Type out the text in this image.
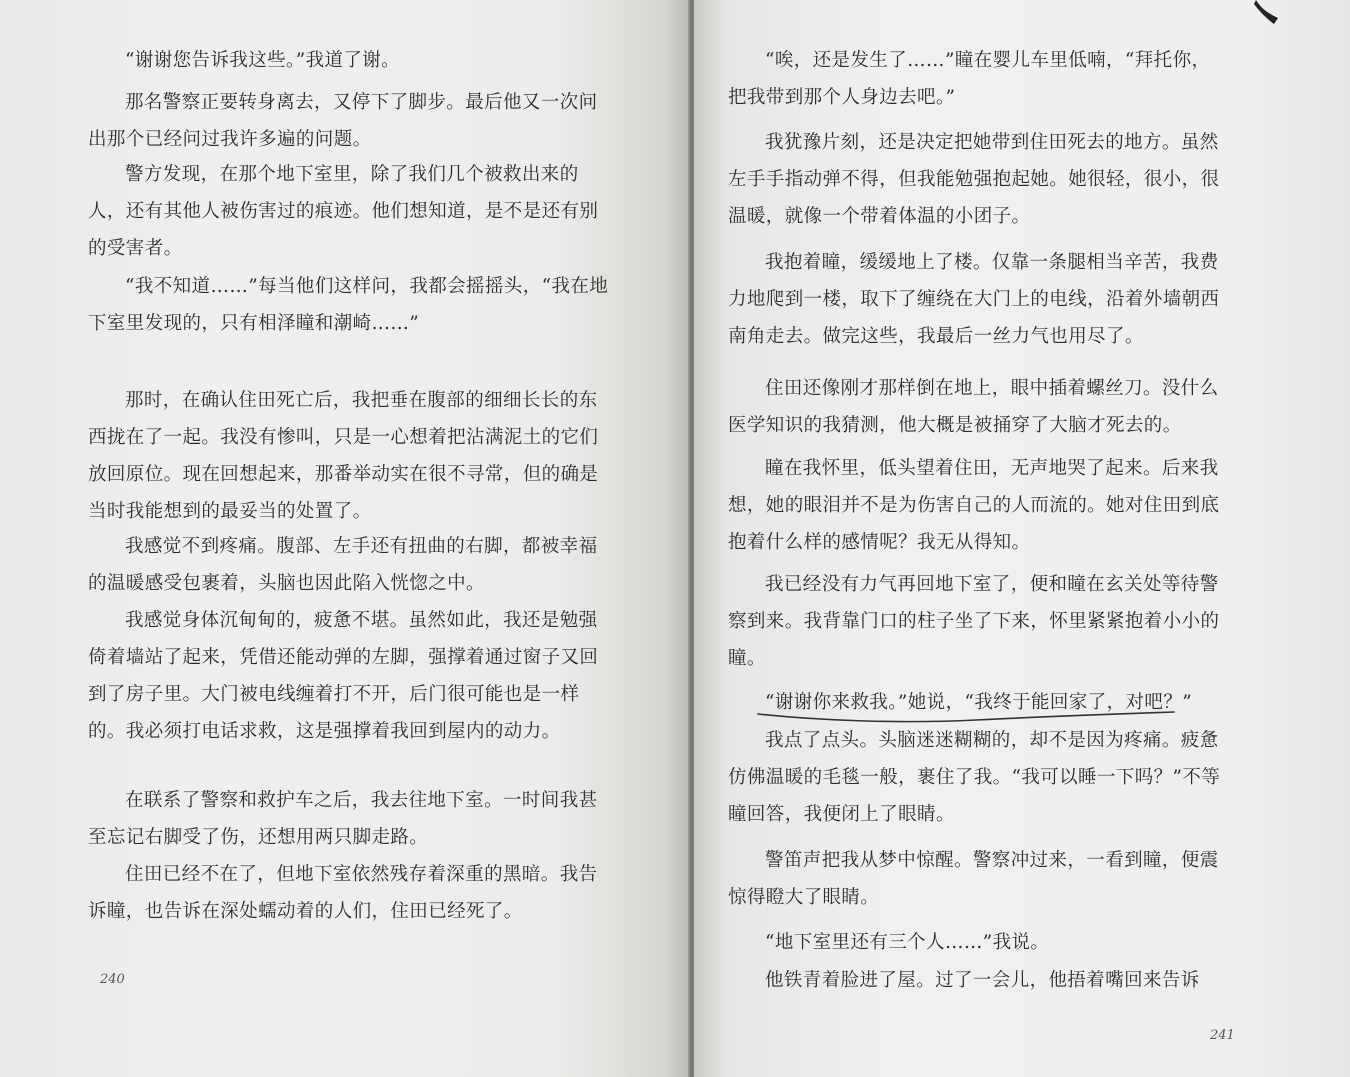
“谢谢您告诉我这些。”我道了谢。

那名警察正要转身离去，又停下了脚步。最后他又一次问出那个已经问过我许多遍的问题。

警方发现，在那个地下室里，除了我们几个被救出来的人，还有其他人被伤害过的痕迹。他们想知道，是不是还有别的受害者。

“我不知道……”每当他们这样问，我都会摇摇头，“我在地下室里发现的，只有相泽瞳和潮崎……”

那时，在确认住田死亡后，我把垂在腹部的细细长长的东西拢在了一起。我没有惨叫，只是一心想着把沾满泥土的它们放回原位。现在回想起来，那番举动实在很不寻常，但的确是当时我能想到的最妥当的处置了。

我感觉不到疼痛。腹部、左手还有扭曲的右脚，都被幸福的温暖感受包裹着，头脑也因此陷入恍惚之中。

我感觉身体沉甸甸的，疲惫不堪。虽然如此，我还是勉强倚着墙站了起来，凭借还能动弹的左脚，强撑着通过窗子又回到了房子里。大门被电线缠着打不开，后门很可能也是一样的。我必须打电话求救，这是强撑着我回到屋内的动力。

在联系了警察和救护车之后，我去往地下室。一时间我甚至忘记右脚受了伤，还想用两只脚走路。

住田已经不在了，但地下室依然残存着深重的黑暗。我告诉瞳，也告诉在深处蠕动着的人们，住田已经死了。

240

“唉，还是发生了……”瞳在婴儿车里低喃，“拜托你，把我带到那个人身边去吧。”

我犹豫片刻，还是决定把她带到住田死去的地方。虽然左手手指动弹不得，但我能勉强抱起她。她很轻，很小，很温暖，就像一个带着体温的小团子。

我抱着瞳，缓缓地上了楼。仅靠一条腿相当辛苦，我费力地爬到一楼，取下了缠绕在大门上的电线，沿着外墙朝西南角走去。做完这些，我最后一丝力气也用尽了。

住田还像刚才那样倒在地上，眼中插着螺丝刀。没什么医学知识的我猜测，他大概是被捅穿了大脑才死去的。

瞳在我怀里，低头望着住田，无声地哭了起来。后来我想，她的眼泪并不是为伤害自己的人而流的。她对住田到底抱着什么样的感情呢？我无从得知。

我已经没有力气再回地下室了，便和瞳在玄关处等待警察到来。我背靠门口的柱子坐了下来，怀里紧紧抱着小小的瞳。

“谢谢你来救我。”她说，“我终于能回家了，对吧？”

我点了点头。头脑迷迷糊糊的，却不是因为疼痛。疲惫仿佛温暖的毛毯一般，裹住了我。“我可以睡一下吗？”不等瞳回答，我便闭上了眼睛。

警笛声把我从梦中惊醒。警察冲过来，一看到瞳，便震惊得瞪大了眼睛。

“地下室里还有三个人……”我说。

他铁青着脸进了屋。过了一会儿，他捂着嘴回来告诉

241
